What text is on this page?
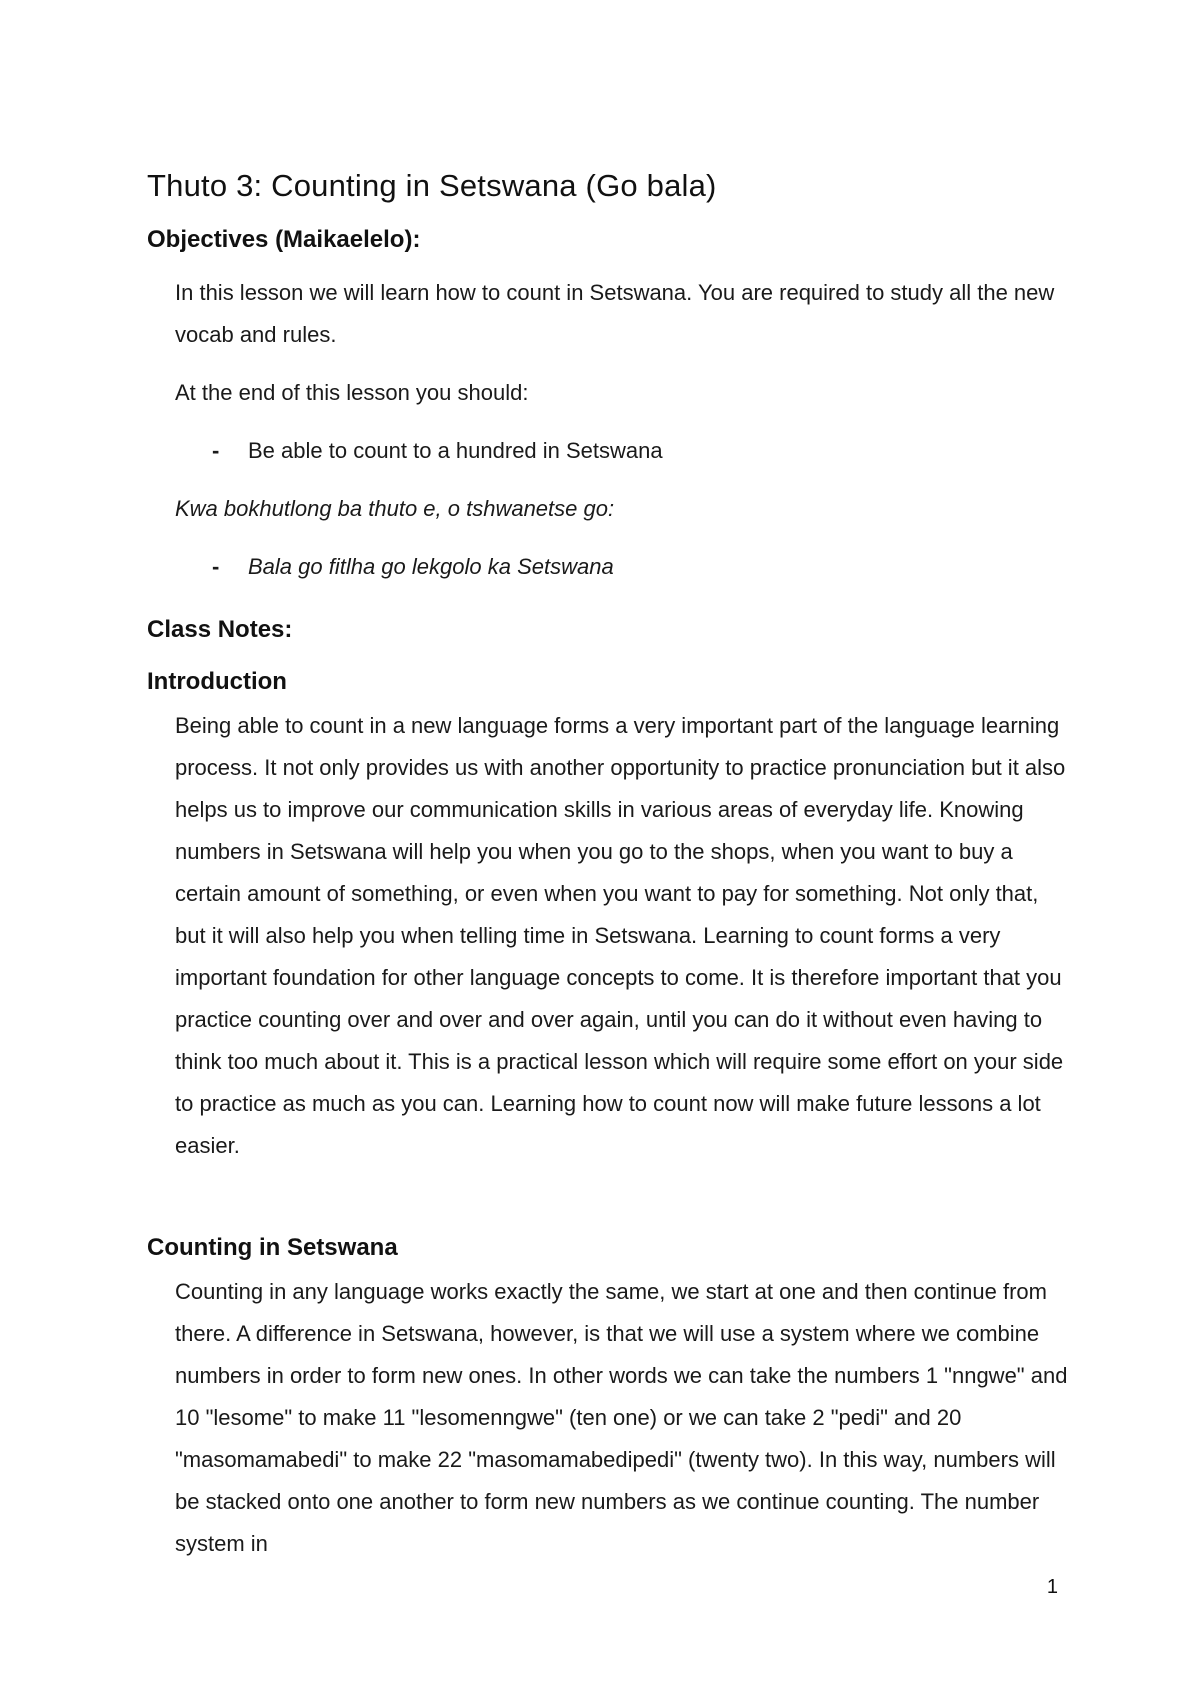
Thuto 3: Counting in Setswana (Go bala)
Objectives (Maikaelelo):

In this lesson we will learn how to count in Setswana. You are required to study all the new vocab and rules.

At the end of this lesson you should:

-	Be able to count to a hundred in Setswana

Kwa bokhutlong ba thuto e, o tshwanetse go:

-	Bala go fitlha go lekgolo ka Setswana
Class Notes:
Introduction

Being able to count in a new language forms a very important part of the language learning process. It not only provides us with another opportunity to practice pronunciation but it also helps us to improve our communication skills in various areas of everyday life. Knowing numbers in Setswana will help you when you go to the shops, when you want to buy a certain amount of something, or even when you want to pay for something. Not only that, but it will also help you when telling time in Setswana. Learning to count forms a very important foundation for other language concepts to come. It is therefore important that you practice counting over and over and over again, until you can do it without even having to think too much about it. This is a practical lesson which will require some effort on your side to practice as much as you can. Learning how to count now will make future lessons a lot easier.

Counting in Setswana

Counting in any language works exactly the same, we start at one and then continue from there. A difference in Setswana, however, is that we will use a system where we combine numbers in order to form new ones. In other words we can take the numbers 1 "nngwe" and 10 "lesome" to make 11 "lesomenngwe" (ten one) or we can take 2 "pedi" and 20 "masomamabedi" to make 22 "masomamabedipedi" (twenty two). In this way, numbers will be stacked onto one another to form new numbers as we continue counting. The number system in

1
